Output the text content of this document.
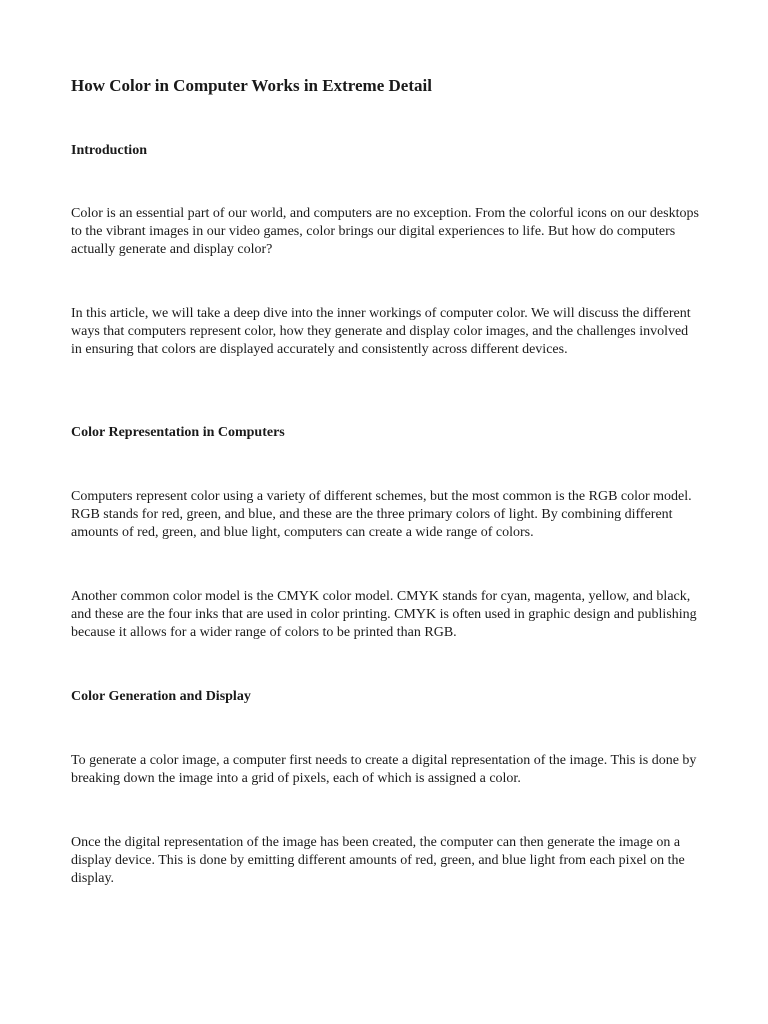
How Color in Computer Works in Extreme Detail
Introduction

Color is an essential part of our world, and computers are no exception. From the colorful icons on our desktops to the vibrant images in our video games, color brings our digital experiences to life. But how do computers actually generate and display color?

In this article, we will take a deep dive into the inner workings of computer color. We will discuss the different ways that computers represent color, how they generate and display color images, and the challenges involved in ensuring that colors are displayed accurately and consistently across different devices.

Color Representation in Computers

Computers represent color using a variety of different schemes, but the most common is the RGB color model. RGB stands for red, green, and blue, and these are the three primary colors of light. By combining different amounts of red, green, and blue light, computers can create a wide range of colors.

Another common color model is the CMYK color model. CMYK stands for cyan, magenta, yellow, and black, and these are the four inks that are used in color printing. CMYK is often used in graphic design and publishing because it allows for a wider range of colors to be printed than RGB.

Color Generation and Display

To generate a color image, a computer first needs to create a digital representation of the image. This is done by breaking down the image into a grid of pixels, each of which is assigned a color.

Once the digital representation of the image has been created, the computer can then generate the image on a display device. This is done by emitting different amounts of red, green, and blue light from each pixel on the display.
